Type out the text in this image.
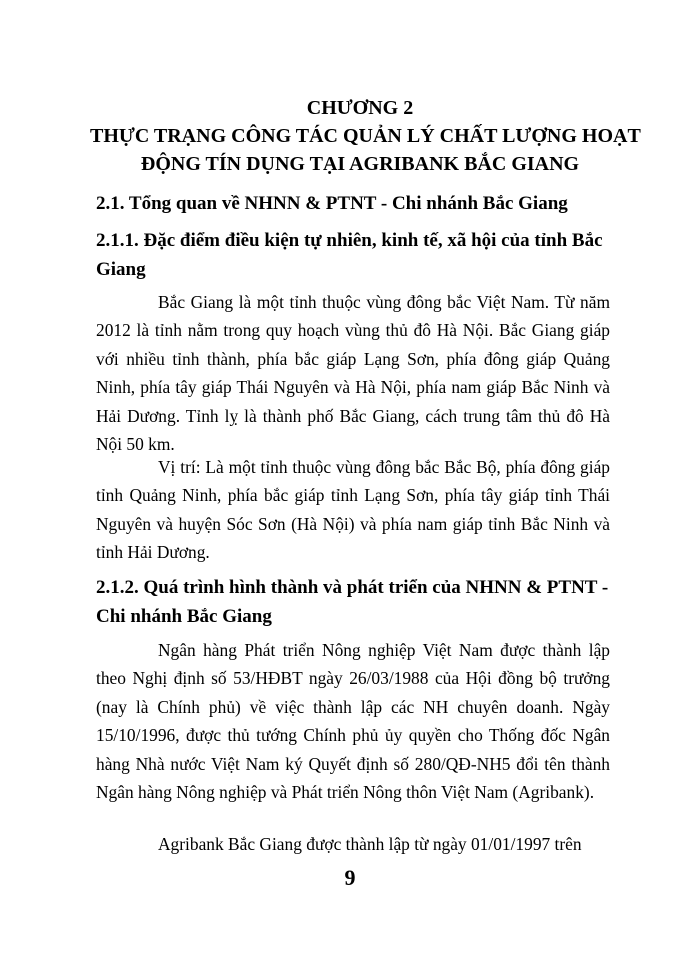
CHƯƠNG 2
THỰC TRẠNG CÔNG TÁC QUẢN LÝ CHẤT LƯỢNG HOẠT
ĐỘNG TÍN DỤNG TẠI AGRIBANK BẮC GIANG
2.1. Tổng quan về NHNN & PTNT - Chi nhánh Bắc Giang
2.1.1. Đặc điểm điều kiện tự nhiên, kinh tế, xã hội của tỉnh Bắc Giang

Bắc Giang là một tỉnh thuộc vùng đông bắc Việt Nam. Từ năm 2012 là tỉnh nằm trong quy hoạch vùng thủ đô Hà Nội. Bắc Giang giáp với nhiều tỉnh thành, phía bắc giáp Lạng Sơn, phía đông giáp Quảng Ninh, phía tây giáp Thái Nguyên và Hà Nội, phía nam giáp Bắc Ninh và Hải Dương. Tỉnh lỵ là thành phố Bắc Giang, cách trung tâm thủ đô Hà Nội 50 km.

Vị trí: Là một tỉnh thuộc vùng đông bắc Bắc Bộ, phía đông giáp tỉnh Quảng Ninh, phía bắc giáp tỉnh Lạng Sơn, phía tây giáp tỉnh Thái Nguyên và huyện Sóc Sơn (Hà Nội) và phía nam giáp tỉnh Bắc Ninh và tỉnh Hải Dương.

2.1.2. Quá trình hình thành và phát triển của NHNN & PTNT - Chi nhánh Bắc Giang

Ngân hàng Phát triển Nông nghiệp Việt Nam được thành lập theo Nghị định số 53/HĐBT ngày 26/03/1988 của Hội đồng bộ trưởng (nay là Chính phủ) về việc thành lập các NH chuyên doanh. Ngày 15/10/1996, được thủ tướng Chính phủ ủy quyền cho Thống đốc Ngân hàng Nhà nước Việt Nam ký Quyết định số 280/QĐ-NH5 đổi tên thành Ngân hàng Nông nghiệp và Phát triển Nông thôn Việt Nam (Agribank).

Agribank Bắc Giang được thành lập từ ngày 01/01/1997 trên

9
